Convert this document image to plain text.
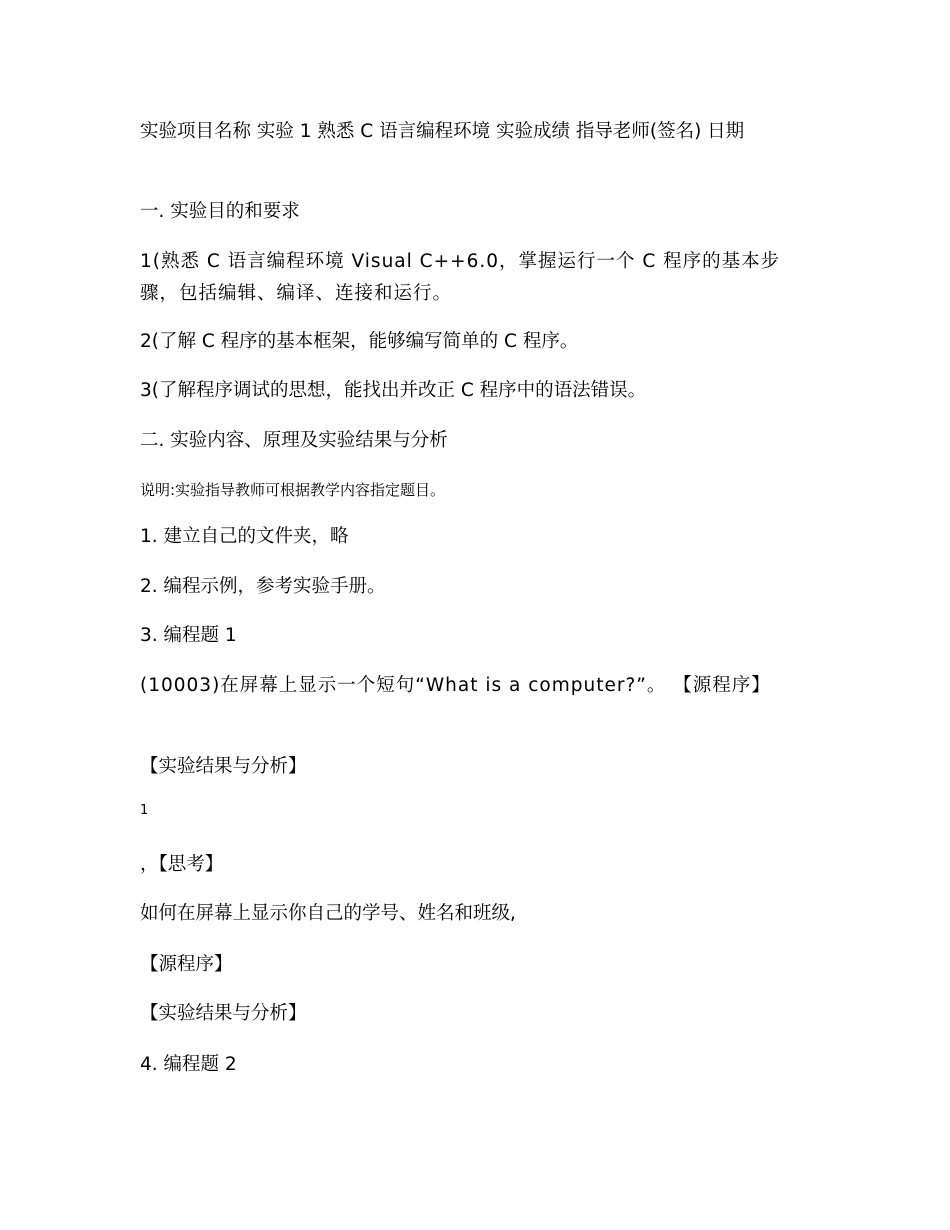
实验项目名称 实验 1 熟悉 C 语言编程环境 实验成绩 指导老师(签名) 日期

一. 实验目的和要求

1(熟悉 C 语言编程环境 Visual C++6.0，掌握运行一个 C 程序的基本步骤，包括编辑、编译、连接和运行。

2(了解 C 程序的基本框架，能够编写简单的 C 程序。

3(了解程序调试的思想，能找出并改正 C 程序中的语法错误。

二. 实验内容、原理及实验结果与分析

说明:实验指导教师可根据教学内容指定题目。

1. 建立自己的文件夹，略

2. 编程示例，参考实验手册。

3. 编程题 1

(10003)在屏幕上显示一个短句“What is a computer?”。 【源程序】

【实验结果与分析】

1

，【思考】

如何在屏幕上显示你自己的学号、姓名和班级,

【源程序】

【实验结果与分析】

4. 编程题 2
